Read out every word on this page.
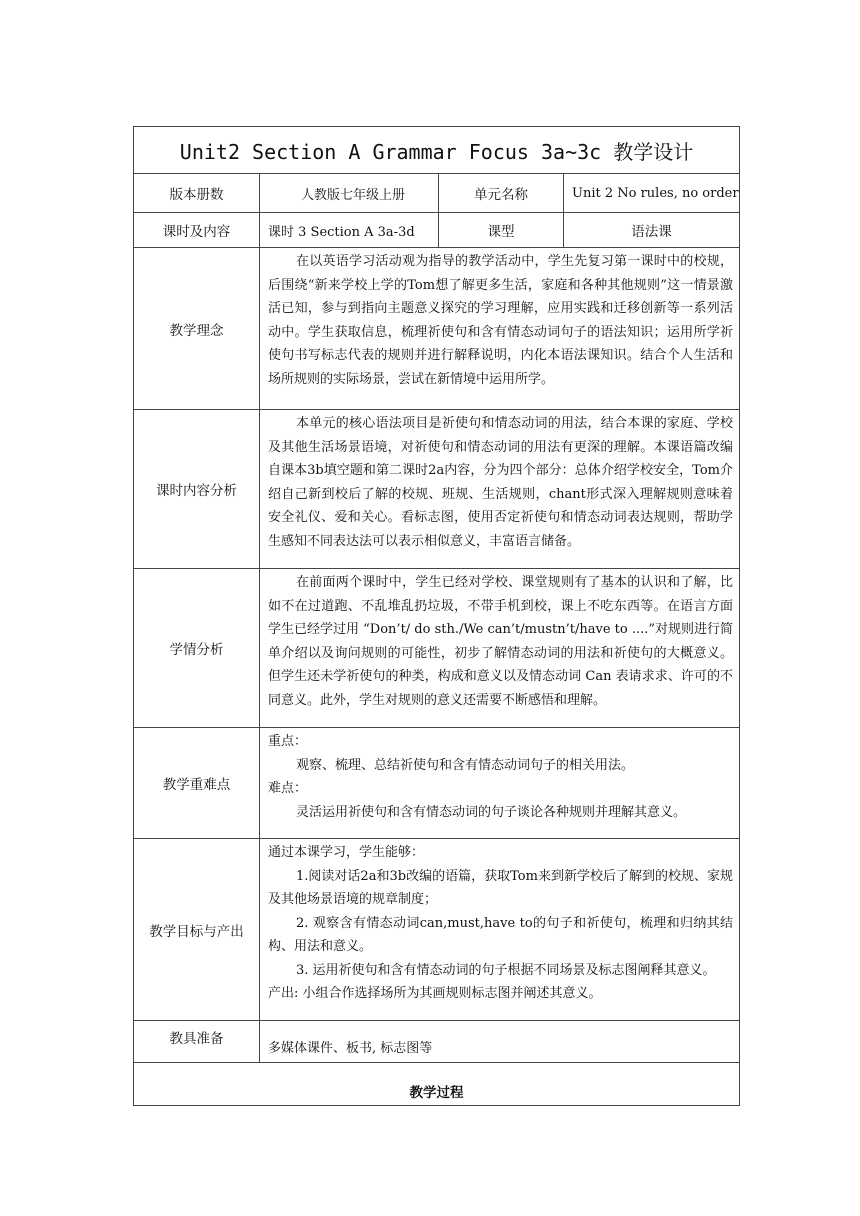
Unit2 Section A Grammar Focus 3a~3c 教学设计			
版本册数	人教版七年级上册	单元名称	Unit 2 No rules, no order
课时及内容	课时 3 Section A 3a-3d	课型	语法课
教学理念	在以英语学习活动观为指导的教学活动中，学生先复习第一课时中的校规，后围绕“新来学校上学的Tom想了解更多生活，家庭和各种其他规则”这一情景激活已知，参与到指向主题意义探究的学习理解，应用实践和迁移创新等一系列活动中。学生获取信息，梳理祈使句和含有情态动词句子的语法知识；运用所学祈使句书写标志代表的规则并进行解释说明，内化本语法课知识。结合个人生活和场所规则的实际场景，尝试在新情境中运用所学。		

课时内容分析	本单元的核心语法项目是祈使句和情态动词的用法，结合本课的家庭、学校及其他生活场景语境，对祈使句和情态动词的用法有更深的理解。本课语篇改编自课本3b填空题和第二课时2a内容，分为四个部分：总体介绍学校安全，Tom介绍自己新到校后了解的校规、班规、生活规则，chant形式深入理解规则意味着安全礼仪、爱和关心。看标志图，使用否定祈使句和情态动词表达规则，帮助学生感知不同表达法可以表示相似意义，丰富语言储备。		

学情分析	在前面两个课时中，学生已经对学校、课堂规则有了基本的认识和了解，比如不在过道跑、不乱堆乱扔垃圾，不带手机到校，课上不吃东西等。在语言方面学生已经学过用 “Don’t/ do sth./We can’t/mustn’t/have to ....”对规则进行简单介绍以及询问规则的可能性，初步了解情态动词的用法和祈使句的大概意义。但学生还未学祈使句的种类，构成和意义以及情态动词 Can 表请求求、许可的不同意义。此外，学生对规则的意义还需要不断感悟和理解。		

教学重难点	重点：

观察、梳理、总结祈使句和含有情态动词句子的相关用法。

难点：

灵活运用祈使句和含有情态动词的句子谈论各种规则并理解其意义。		

教学目标与产出	通过本课学习，学生能够：

1.阅读对话2a和3b改编的语篇，获取Tom来到新学校后了解到的校规、家规及其他场景语境的规章制度；

2. 观察含有情态动词can,must,have to的句子和祈使句，梳理和归纳其结构、用法和意义。

3. 运用祈使句和含有情态动词的句子根据不同场景及标志图阐释其意义。

产出: 小组合作选择场所为其画规则标志图并阐述其意义。		

教具准备	多媒体课件、板书, 标志图等		
教学过程			
